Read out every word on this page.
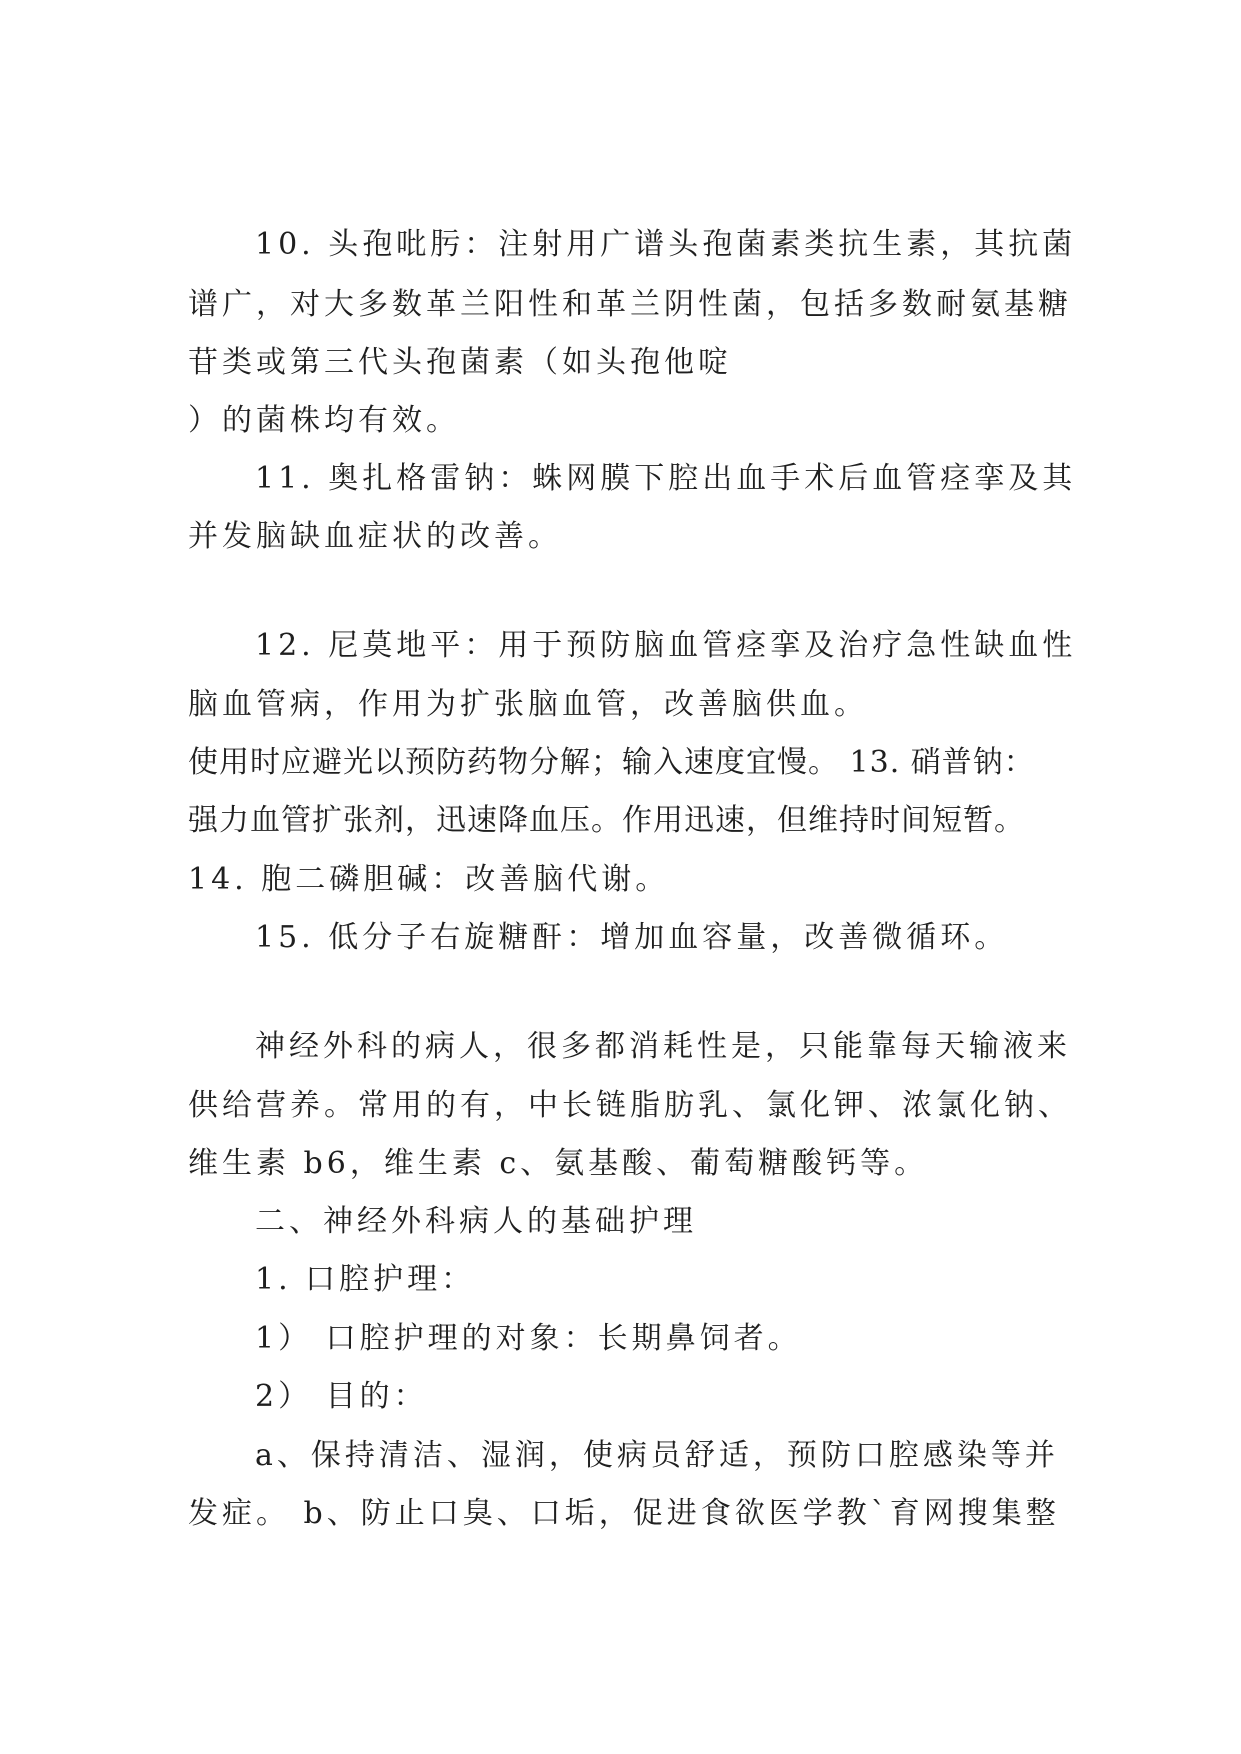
10. 头孢吡肟：注射用广谱头孢菌素类抗生素，其抗菌
谱广，对大多数革兰阳性和革兰阴性菌，包括多数耐氨基糖
苷类或第三代头孢菌素（如头孢他啶
）的菌株均有效。
11. 奥扎格雷钠：蛛网膜下腔出血手术后血管痉挛及其
并发脑缺血症状的改善。
12. 尼莫地平：用于预防脑血管痉挛及治疗急性缺血性
脑血管病，作用为扩张脑血管，改善脑供血。
使用时应避光以预防药物分解；输入速度宜慢。 13. 硝普钠：
强力血管扩张剂，迅速降血压。作用迅速，但维持时间短暂。
14. 胞二磷胆碱：改善脑代谢。
15. 低分子右旋糖酐：增加血容量，改善微循环。
神经外科的病人，很多都消耗性是，只能靠每天输液来
供给营养。常用的有，中长链脂肪乳、氯化钾、浓氯化钠、
维生素 b6，维生素 c、氨基酸、葡萄糖酸钙等。
二、神经外科病人的基础护理
1. 口腔护理：
1） 口腔护理的对象：长期鼻饲者。
2） 目的：
a、保持清洁、湿润，使病员舒适，预防口腔感染等并
发症。 b、防止口臭、口垢，促进食欲医学教`育网搜集整
